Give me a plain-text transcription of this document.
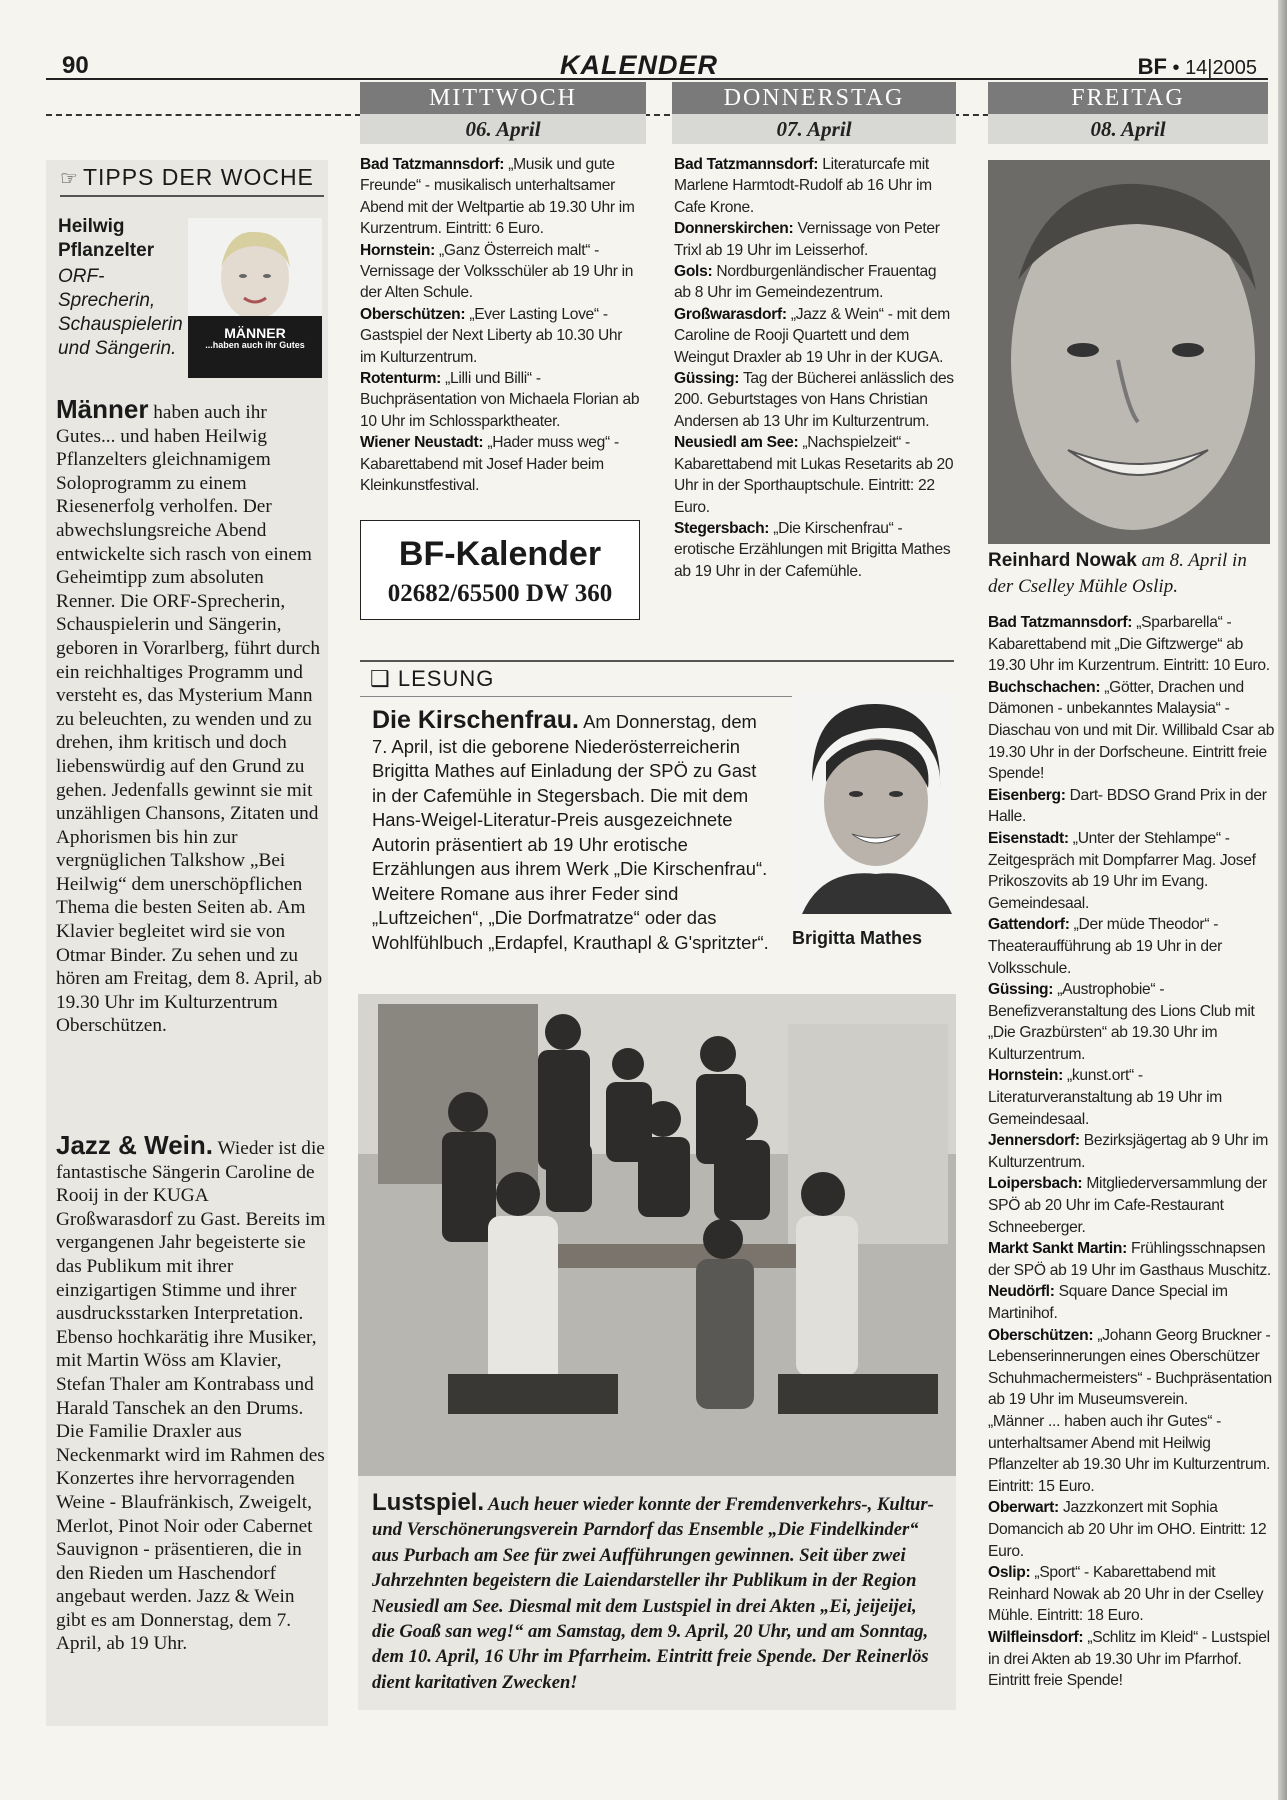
90	KALENDER	BF • 14|2005
MITTWOCH
06. April
DONNERSTAG
07. April
FREITAG
08. April
☞ TIPPS DER WOCHE
Heilwig Pflanzelter
ORF-Sprecherin, Schauspielerin und Sängerin.
MÄNNER
...haben auch ihr Gutes
Männer haben auch ihr Gutes... und haben Heilwig Pflanzelters gleichnamigem Soloprogramm zu einem Riesenerfolg verholfen. Der abwechslungsreiche Abend entwickelte sich rasch von einem Geheimtipp zum absoluten Renner. Die ORF-Sprecherin, Schauspielerin und Sängerin, geboren in Vorarlberg, führt durch ein reichhaltiges Programm und versteht es, das Mysterium Mann zu beleuchten, zu wenden und zu drehen, ihm kritisch und doch liebenswürdig auf den Grund zu gehen. Jedenfalls gewinnt sie mit unzähligen Chansons, Zitaten und Aphorismen bis hin zur vergnüglichen Talkshow „Bei Heilwig“ dem unerschöpflichen Thema die besten Seiten ab. Am Klavier begleitet wird sie von Otmar Binder. Zu sehen und zu hören am Freitag, dem 8. April, ab 19.30 Uhr im Kulturzentrum Oberschützen.
Jazz & Wein. Wieder ist die fantastische Sängerin Caroline de Rooij in der KUGA Großwarasdorf zu Gast. Bereits im vergangenen Jahr begeisterte sie das Publikum mit ihrer einzigartigen Stimme und ihrer ausdrucksstarken Interpretation. Ebenso hochkarätig ihre Musiker, mit Martin Wöss am Klavier, Stefan Thaler am Kontrabass und Harald Tanschek an den Drums. Die Familie Draxler aus Neckenmarkt wird im Rahmen des Konzertes ihre hervorragenden Weine - Blaufränkisch, Zweigelt, Merlot, Pinot Noir oder Cabernet Sauvignon - präsentieren, die in den Rieden um Haschendorf angebaut werden. Jazz & Wein gibt es am Donnerstag, dem 7. April, ab 19 Uhr.

Bad Tatzmannsdorf: „Musik und gute Freunde“ - musikalisch unterhaltsamer Abend mit der Weltpartie ab 19.30 Uhr im Kurzentrum. Eintritt: 6 Euro.

Hornstein: „Ganz Österreich malt“ - Vernissage der Volksschüler ab 19 Uhr in der Alten Schule.

Oberschützen: „Ever Lasting Love“ - Gastspiel der Next Liberty ab 10.30 Uhr im Kulturzentrum.

Rotenturm: „Lilli und Billi“ - Buchpräsentation von Michaela Florian ab 10 Uhr im Schlossparktheater.

Wiener Neustadt: „Hader muss weg“ - Kabarettabend mit Josef Hader beim Kleinkunstfestival.

BF-Kalender
02682/65500 DW 360

Bad Tatzmannsdorf: Literaturcafe mit Marlene Harmtodt-Rudolf ab 16 Uhr im Cafe Krone.

Donnerskirchen: Vernissage von Peter Trixl ab 19 Uhr im Leisserhof.

Gols: Nordburgenländischer Frauentag ab 8 Uhr im Gemeindezentrum.

Großwarasdorf: „Jazz & Wein“ - mit dem Caroline de Rooji Quartett und dem Weingut Draxler ab 19 Uhr in der KUGA.

Güssing: Tag der Bücherei anlässlich des 200. Geburtstages von Hans Christian Andersen ab 13 Uhr im Kulturzentrum.

Neusiedl am See: „Nachspielzeit“ - Kabarettabend mit Lukas Resetarits ab 20 Uhr in der Sporthauptschule. Eintritt: 22 Euro.

Stegersbach: „Die Kirschenfrau“ - erotische Erzählungen mit Brigitta Mathes ab 19 Uhr in der Cafemühle.

❑ LESUNG
Die Kirschenfrau. Am Donnerstag, dem 7. April, ist die geborene Niederösterreicherin Brigitta Mathes auf Einladung der SPÖ zu Gast in der Cafemühle in Stegersbach. Die mit dem Hans-Weigel-Literatur-Preis ausgezeichnete Autorin präsentiert ab 19 Uhr erotische Erzählungen aus ihrem Werk „Die Kirschenfrau“. Weitere Romane aus ihrer Feder sind „Luftzeichen“, „Die Dorfmatratze“ oder das Wohlfühlbuch „Erdapfel, Krauthapl & G'spritzter“. Brigitta Mathes
Lustspiel. Auch heuer wieder konnte der Fremdenverkehrs-, Kultur- und Verschönerungsverein Parndorf das Ensemble „Die Findelkinder“ aus Purbach am See für zwei Aufführungen gewinnen. Seit über zwei Jahrzehnten begeistern die Laiendarsteller ihr Publikum in der Region Neusiedl am See. Diesmal mit dem Lustspiel in drei Akten „Ei, jeijeijei, die Goaß san weg!“ am Samstag, dem 9. April, 20 Uhr, und am Sonntag, dem 10. April, 16 Uhr im Pfarrheim. Eintritt freie Spende. Der Reinerlös dient karitativen Zwecken!
Reinhard Nowak am 8. April in der Cselley Mühle Oslip.

Bad Tatzmannsdorf: „Sparbarella“ - Kabarettabend mit „Die Giftzwerge“ ab 19.30 Uhr im Kurzentrum. Eintritt: 10 Euro.

Buchschachen: „Götter, Drachen und Dämonen - unbekanntes Malaysia“ - Diaschau von und mit Dir. Willibald Csar ab 19.30 Uhr in der Dorfscheune. Eintritt freie Spende!

Eisenberg: Dart- BDSO Grand Prix in der Halle.

Eisenstadt: „Unter der Stehlampe“ - Zeitgespräch mit Dompfarrer Mag. Josef Prikoszovits ab 19 Uhr im Evang. Gemeindesaal.

Gattendorf: „Der müde Theodor“ - Theateraufführung ab 19 Uhr in der Volksschule.

Güssing: „Austrophobie“ - Benefizveranstaltung des Lions Club mit „Die Grazbürsten“ ab 19.30 Uhr im Kulturzentrum.

Hornstein: „kunst.ort“ - Literaturveranstaltung ab 19 Uhr im Gemeindesaal.

Jennersdorf: Bezirksjägertag ab 9 Uhr im Kulturzentrum.

Loipersbach: Mitgliederversammlung der SPÖ ab 20 Uhr im Cafe-Restaurant Schneeberger.

Markt Sankt Martin: Frühlingsschnapsen der SPÖ ab 19 Uhr im Gasthaus Muschitz.

Neudörfl: Square Dance Special im Martinihof.

Oberschützen: „Johann Georg Bruckner - Lebenserinnerungen eines Oberschützer Schuhmachermeisters“ - Buchpräsentation ab 19 Uhr im Museumsverein.

„Männer ... haben auch ihr Gutes“ - unterhaltsamer Abend mit Heilwig Pflanzelter ab 19.30 Uhr im Kulturzentrum. Eintritt: 15 Euro.

Oberwart: Jazzkonzert mit Sophia Domancich ab 20 Uhr im OHO. Eintritt: 12 Euro.

Oslip: „Sport“ - Kabarettabend mit Reinhard Nowak ab 20 Uhr in der Cselley Mühle. Eintritt: 18 Euro.

Wilfleinsdorf: „Schlitz im Kleid“ - Lustspiel in drei Akten ab 19.30 Uhr im Pfarrhof. Eintritt freie Spende!
